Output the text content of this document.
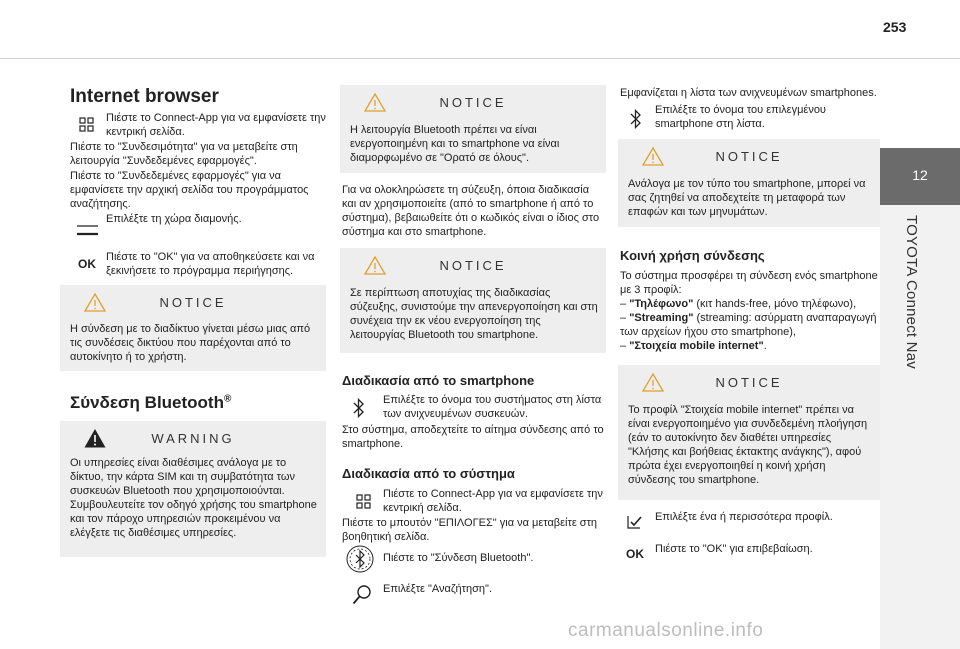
253
12
TOYOTA Connect Nav
Internet browser

Πιέστε το Connect-App για να εμφανίσετε την κεντρική σελίδα.

Πιέστε το "Συνδεσιμότητα" για να μεταβείτε στη λειτουργία "Συνδεδεμένες εφαρμογές".

Πιέστε το "Συνδεδεμένες εφαρμογές" για να εμφανίσετε την αρχική σελίδα του προγράμματος αναζήτησης.

Επιλέξτε τη χώρα διαμονής.

OK Πιέστε το "OK" για να αποθηκεύσετε και να ξεκινήσετε το πρόγραμμα περιήγησης.

NOTICE

Η σύνδεση με το διαδίκτυο γίνεται μέσω μιας από τις συνδέσεις δικτύου που παρέχονται από το αυτοκίνητο ή το χρήστη.

Σύνδεση Bluetooth®
WARNING

Οι υπηρεσίες είναι διαθέσιμες ανάλογα με το δίκτυο, την κάρτα SIM και τη συμβατότητα των συσκευών Bluetooth που χρησιμοποιούνται. Συμβουλευτείτε τον οδηγό χρήσης του smartphone και τον πάροχο υπηρεσιών προκειμένου να ελέγξετε τις διαθέσιμες υπηρεσίες.

NOTICE

Η λειτουργία Bluetooth πρέπει να είναι ενεργοποιημένη και το smartphone να είναι διαμορφωμένο σε "Ορατό σε όλους".

Για να ολοκληρώσετε τη σύζευξη, όποια διαδικασία και αν χρησιμοποιείτε (από το smartphone ή από το σύστημα), βεβαιωθείτε ότι ο κωδικός είναι ο ίδιος στο σύστημα και στο smartphone.

NOTICE

Σε περίπτωση αποτυχίας της διαδικασίας σύζευξης, συνιστούμε την απενεργοποίηση και στη συνέχεια την εκ νέου ενεργοποίηση της λειτουργίας Bluetooth του smartphone.

Διαδικασία από το smartphone

Επιλέξτε το όνομα του συστήματος στη λίστα των ανιχνευμένων συσκευών.

Στο σύστημα, αποδεχτείτε το αίτημα σύνδεσης από το smartphone.

Διαδικασία από το σύστημα

Πιέστε το Connect-App για να εμφανίσετε την κεντρική σελίδα.

Πιέστε το μπουτόν "ΕΠΙΛΟΓΕΣ" για να μεταβείτε στη βοηθητική σελίδα.

Πιέστε το "Σύνδεση Bluetooth".

Επιλέξτε "Αναζήτηση".

Εμφανίζεται η λίστα των ανιχνευμένων smartphones.

Επιλέξτε το όνομα του επιλεγμένου smartphone στη λίστα.

NOTICE

Ανάλογα με τον τύπο του smartphone, μπορεί να σας ζητηθεί να αποδεχτείτε τη μεταφορά των επαφών και των μηνυμάτων.

Κοινή χρήση σύνδεσης

Το σύστημα προσφέρει τη σύνδεση ενός smartphone με 3 προφίλ:

– "Τηλέφωνο" (κιτ hands-free, μόνο τηλέφωνο),

– "Streaming" (streaming: ασύρματη αναπαραγωγή των αρχείων ήχου στο smartphone),

– "Στοιχεία mobile internet".

NOTICE

Το προφίλ "Στοιχεία mobile internet" πρέπει να είναι ενεργοποιημένο για συνδεδεμένη πλοήγηση (εάν το αυτοκίνητο δεν διαθέτει υπηρεσίες "Κλήσης και βοήθειας έκτακτης ανάγκης"), αφού πρώτα έχει ενεργοποιηθεί η κοινή χρήση σύνδεσης του smartphone.

Επιλέξτε ένα ή περισσότερα προφίλ.

OK Πιέστε το "OK" για επιβεβαίωση.

carmanualsonline.info
